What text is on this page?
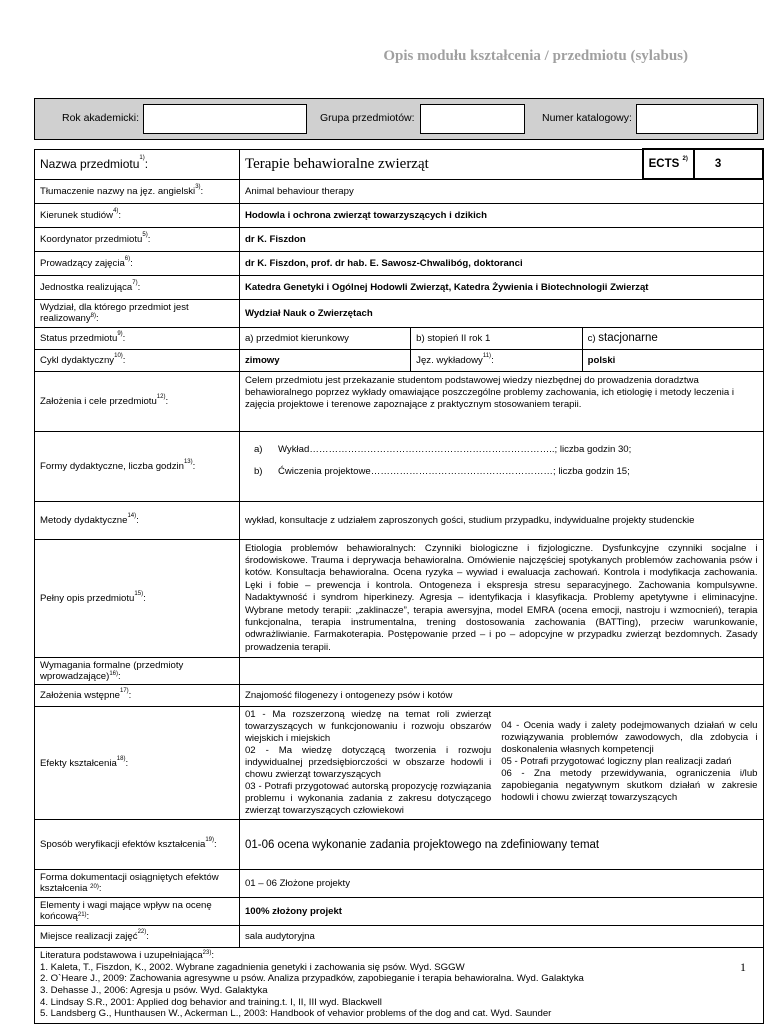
Opis modułu kształcenia / przedmiotu (sylabus)
Rok akademicki:	Grupa przedmiotów:	Numer katalogowy:
Nazwa przedmiotu$^{1)}$:	Terapie behawioralne zwierząt	ECTS $^{2)}$	3
Tłumaczenie nazwy na jęz. angielski$^{3)}$:	Animal behaviour therapy
Kierunek studiów$^{4)}$:	Hodowla i ochrona zwierząt towarzyszących i dzikich
Koordynator przedmiotu$^{5)}$:	dr K. Fiszdon
Prowadzący zajęcia$^{6)}$:	dr K. Fiszdon, prof. dr hab. E. Sawosz-Chwalibóg, doktoranci
Jednostka realizująca$^{7)}$:	Katedra Genetyki i Ogólnej Hodowli Zwierząt, Katedra Żywienia i Biotechnologii Zwierząt
Wydział, dla którego przedmiot jest realizowany$^{8)}$:	Wydział Nauk o Zwierzętach
Status przedmiotu$^{9)}$:	a) przedmiot kierunkowy	b) stopień II rok 1	c) stacjonarne
Cykl dydaktyczny$^{10)}$:	zimowy	Jęz. wykładowy$^{11)}$:	polski
Założenia i cele przedmiotu$^{12)}$:	Celem przedmiotu jest przekazanie studentom podstawowej wiedzy niezbędnej do prowadzenia doradztwa behawioralnego poprzez wykłady omawiające poszczególne problemy zachowania, ich etiologię i metody leczenia i zajęcia projektowe i terenowe zapoznające z praktycznym stosowaniem terapii.
Formy dydaktyczne, liczba godzin$^{13)}$:	
a)	Wykład…………………………………………………………………..; liczba godzin 30;
b)	Ćwiczenia projektowe…………………………………………………; liczba godzin 15;

Metody dydaktyczne$^{14)}$:	wykład, konsultacje z udziałem zaproszonych gości, studium przypadku, indywidualne projekty studenckie
Pełny opis przedmiotu$^{15)}$:	Etiologia problemów behawioralnych: Czynniki biologiczne i fizjologiczne. Dysfunkcyjne czynniki socjalne i środowiskowe. Trauma i deprywacja behawioralna. Omówienie najczęściej spotykanych problemów zachowania psów i kotów. Konsultacja behawioralna. Ocena ryzyka – wywiad i ewaluacja zachowań. Kontrola i modyfikacja zachowania. Lęki i fobie – prewencja i kontrola. Ontogeneza i ekspresja stresu separacyjnego. Zachowania kompulsywne. Nadaktywność i syndrom hiperkinezy. Agresja – identyfikacja i klasyfikacja. Problemy apetytywne i eliminacyjne. Wybrane metody terapii: „zaklinacze”, terapia awersyjna, model EMRA (ocena emocji, nastroju i wzmocnień), terapia funkcjonalna, terapia instrumentalna, trening dostosowania zachowania (BATTing), przeciw warunkowanie, odwrażliwianie. Farmakoterapia. Postępowanie przed – i po – adopcyjne w przypadku zwierząt bezdomnych. Zasady prowadzenia terapii.
Wymagania formalne (przedmioty wprowadzające)$^{16)}$:	
Założenia wstępne$^{17)}$:	Znajomość filogenezy i ontogenezy psów i kotów
Efekty kształcenia$^{18)}$:	
01 - Ma rozszerzoną wiedzę na temat roli zwierząt towarzyszących w funkcjonowaniu i rozwoju obszarów wiejskich i miejskich
02 - Ma wiedzę dotyczącą tworzenia i rozwoju indywidualnej przedsiębiorczości w obszarze hodowli i chowu zwierząt towarzyszących
03 - Potrafi przygotować autorską propozycję rozwiązania problemu i wykonania zadania z zakresu dotyczącego zwierząt towarzyszących człowiekowi

04 - Ocenia wady i zalety podejmowanych działań w celu rozwiązywania problemów zawodowych, dla zdobycia i doskonalenia własnych kompetencji
05 - Potrafi przygotować logiczny plan realizacji zadań
06 - Zna metody przewidywania, ograniczenia i/lub zapobiegania negatywnym skutkom działań w zakresie hodowli i chowu zwierząt towarzyszących

Sposób weryfikacji efektów kształcenia$^{19)}$:	01-06 ocena wykonanie zadania projektowego na zdefiniowany temat
Forma dokumentacji osiągniętych efektów kształcenia $^{20)}$:	01 – 06 Złożone projekty
Elementy i wagi mające wpływ na ocenę końcową$^{21)}$:	100% złożony projekt
Miejsce realizacji zajęć$^{22)}$:	sala audytoryjna

Literatura podstawowa i uzupełniająca$^{23)}$:
1. Kaleta, T., Fiszdon, K., 2002. Wybrane zagadnienia genetyki i zachowania się psów. Wyd. SGGW
2. O`Heare J., 2009: Zachowania agresywne u psów. Analiza przypadków, zapobieganie i terapia behawioralna. Wyd. Galaktyka
3. Dehasse J., 2006: Agresja u psów. Wyd. Galaktyka
4. Lindsay S.R., 2001: Applied dog behavior and training.t. I, II, III wyd. Blackwell
5. Landsberg G., Hunthausen W., Ackerman L., 2003: Handbook of vehavior problems of the dog and cat. Wyd. Saunder
1
